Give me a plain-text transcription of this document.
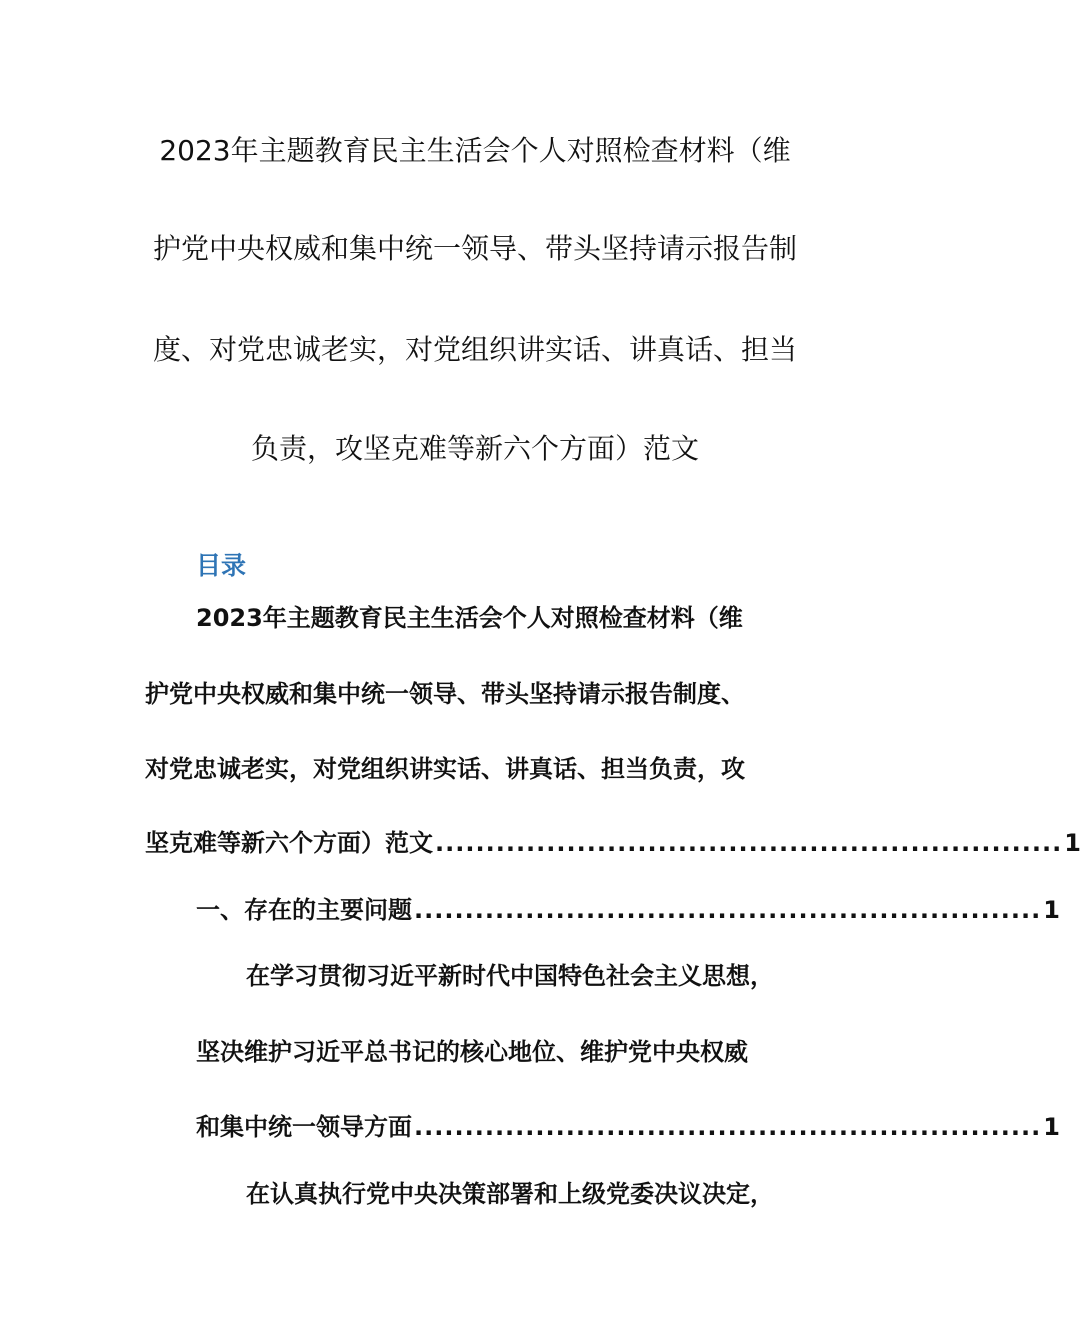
2023年主题教育民主生活会个人对照检查材料（维
护党中央权威和集中统一领导、带头坚持请示报告制
度、对党忠诚老实，对党组织讲实话、讲真话、担当
负责，攻坚克难等新六个方面）范文
目录
2023年主题教育民主生活会个人对照检查材料（维
护党中央权威和集中统一领导、带头坚持请示报告制度、
对党忠诚老实，对党组织讲实话、讲真话、担当负责，攻
坚克难等新六个方面）范文 .............................................................. 1
一、存在的主要问题 .............................................................. 1
在学习贯彻习近平新时代中国特色社会主义思想，
坚决维护习近平总书记的核心地位、维护党中央权威
和集中统一领导方面 .............................................................. 1
在认真执行党中央决策部署和上级党委决议决定，
